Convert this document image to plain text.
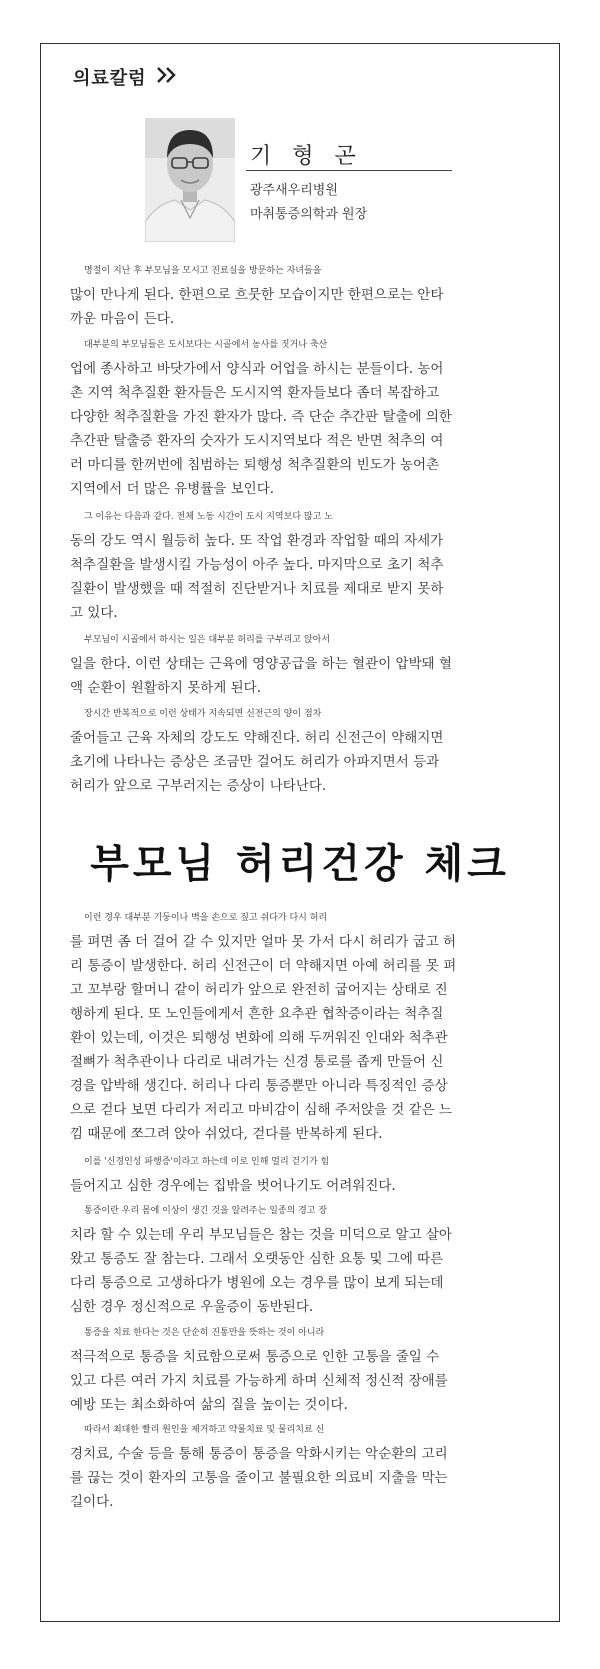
의료칼럼
기 형 곤
광주새우리병원
마취통증의학과 원장
명절이 지난 후 부모님을 모시고 진료실을 방문하는 자녀들을
많이 만나게 된다. 한편으로 흐뭇한 모습이지만 한편으로는 안타
까운 마음이 든다.
대부분의 부모님들은 도시보다는 시골에서 농사를 짓거나 축산
업에 종사하고 바닷가에서 양식과 어업을 하시는 분들이다. 농어
촌 지역 척추질환 환자들은 도시지역 환자들보다 좀더 복잡하고
다양한 척추질환을 가진 환자가 많다. 즉 단순 추간판 탈출에 의한
추간판 탈출증 환자의 숫자가 도시지역보다 적은 반면 척추의 여
러 마디를 한꺼번에 침범하는 퇴행성 척추질환의 빈도가 농어촌
지역에서 더 많은 유병률을 보인다.
그 이유는 다음과 같다. 전체 노동 시간이 도시 지역보다 많고 노
동의 강도 역시 월등히 높다. 또 작업 환경과 작업할 때의 자세가
척추질환을 발생시킬 가능성이 아주 높다. 마지막으로 초기 척추
질환이 발생했을 때 적절히 진단받거나 치료를 제대로 받지 못하
고 있다.
부모님이 시골에서 하시는 일은 대부분 허리를 구부리고 앉아서
일을 한다. 이런 상태는 근육에 영양공급을 하는 혈관이 압박돼 혈
액 순환이 원활하지 못하게 된다.
장시간 반복적으로 이런 상태가 지속되면 신전근의 양이 점차
줄어들고 근육 자체의 강도도 약해진다. 허리 신전근이 약해지면
초기에 나타나는 증상은 조금만 걸어도 허리가 아파지면서 등과
허리가 앞으로 구부러지는 증상이 나타난다.
부모님 허리건강 체크
이런 경우 대부분 기둥이나 벽을 손으로 짚고 쉬다가 다시 허리
를 펴면 좀 더 걸어 갈 수 있지만 얼마 못 가서 다시 허리가 굽고 허
리 통증이 발생한다. 허리 신전근이 더 약해지면 아예 허리를 못 펴
고 꼬부랑 할머니 같이 허리가 앞으로 완전히 굽어지는 상태로 진
행하게 된다. 또 노인들에게서 흔한 요추관 협착증이라는 척추질
환이 있는데, 이것은 퇴행성 변화에 의해 두꺼워진 인대와 척추관
절뼈가 척추관이나 다리로 내려가는 신경 통로를 좁게 만들어 신
경을 압박해 생긴다. 허리나 다리 통증뿐만 아니라 특징적인 증상
으로 걷다 보면 다리가 저리고 마비감이 심해 주저앉을 것 같은 느
낌 때문에 쪼그려 앉아 쉬었다, 걷다를 반복하게 된다.
이를 '신경인성 파행증'이라고 하는데 이로 인해 멀리 걷기가 힘
들어지고 심한 경우에는 집밖을 벗어나기도 어려워진다.
통증이란 우리 몸에 이상이 생긴 것을 알려주는 일종의 경고 장
치라 할 수 있는데 우리 부모님들은 참는 것을 미덕으로 알고 살아
왔고 통증도 잘 참는다. 그래서 오랫동안 심한 요통 및 그에 따른
다리 통증으로 고생하다가 병원에 오는 경우를 많이 보게 되는데
심한 경우 정신적으로 우울증이 동반된다.
통증을 치료 한다는 것은 단순히 진통만을 뜻하는 것이 아니라
적극적으로 통증을 치료함으로써 통증으로 인한 고통을 줄일 수
있고 다른 여러 가지 치료를 가능하게 하며 신체적 정신적 장애를
예방 또는 최소화하여 삶의 질을 높이는 것이다.
따라서 최대한 빨리 원인을 제거하고 약물치료 및 물리치료 신
경치료, 수술 등을 통해 통증이 통증을 악화시키는 악순환의 고리
를 끊는 것이 환자의 고통을 줄이고 불필요한 의료비 지출을 막는
길이다.
